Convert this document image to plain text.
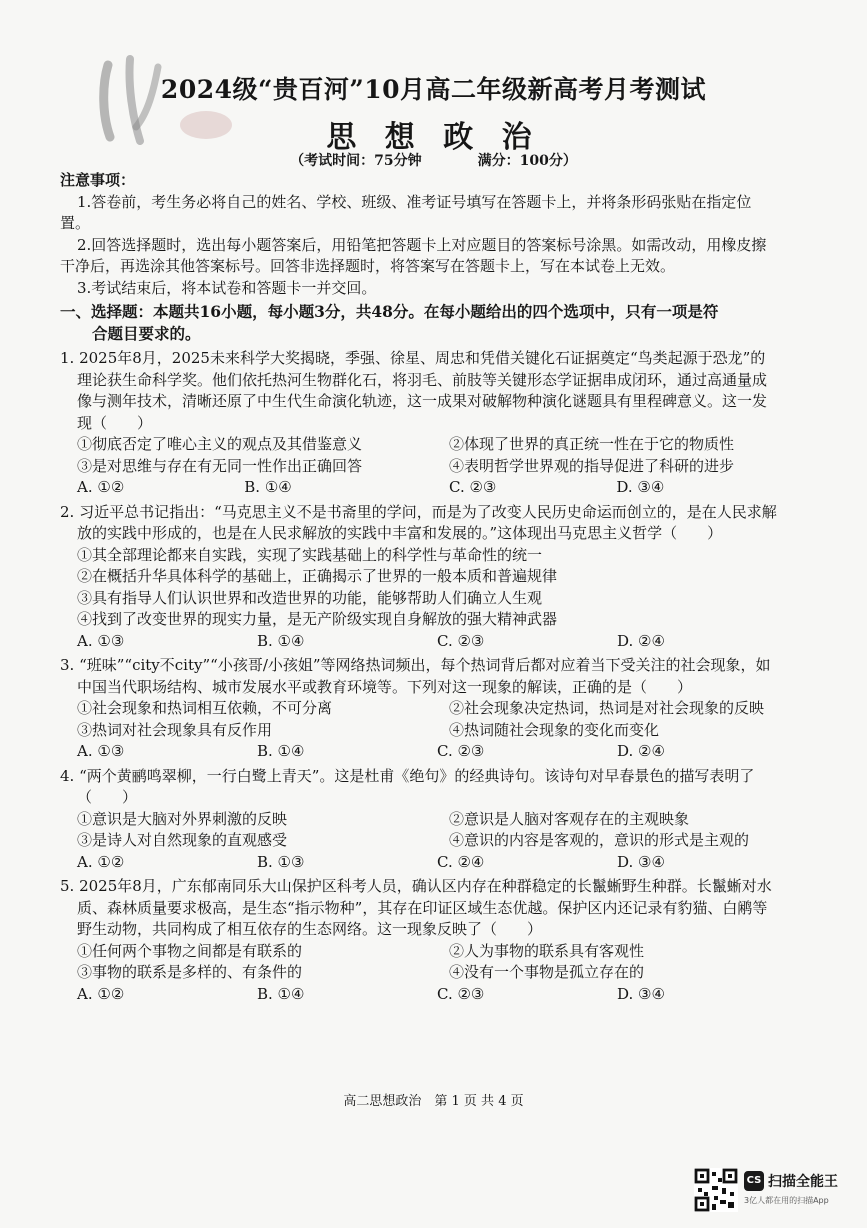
2024级“贵百河”10月高二年级新高考月考测试
思 想 政 治
（考试时间：75分钟	满分：100分）
注意事项：
1.答卷前，考生务必将自己的姓名、学校、班级、准考证号填写在答题卡上，并将条形码张贴在指定位置。
2.回答选择题时，选出每小题答案后，用铅笔把答题卡上对应题目的答案标号涂黑。如需改动，用橡皮擦干净后，再选涂其他答案标号。回答非选择题时，将答案写在答题卡上，写在本试卷上无效。
3.考试结束后，将本试卷和答题卡一并交回。
一、选择题：本题共16小题，每小题3分，共48分。在每小题给出的四个选项中，只有一项是符
合题目要求的。
1. 2025年8月，2025未来科学大奖揭晓，季强、徐星、周忠和凭借关键化石证据奠定“鸟类起源于恐龙”的理论获生命科学奖。他们依托热河生物群化石，将羽毛、前肢等关键形态学证据串成闭环，通过高通量成像与测年技术，清晰还原了中生代生命演化轨迹，这一成果对破解物种演化谜题具有里程碑意义。这一发现（　　）
①彻底否定了唯心主义的观点及其借鉴意义	②体现了世界的真正统一性在于它的物质性
③是对思维与存在有无同一性作出正确回答	④表明哲学世界观的指导促进了科研的进步
A. ①②	B. ①④	C. ②③	D. ③④
2. 习近平总书记指出：“马克思主义不是书斋里的学问，而是为了改变人民历史命运而创立的，是在人民求解放的实践中形成的，也是在人民求解放的实践中丰富和发展的。”这体现出马克思主义哲学（　　）
①其全部理论都来自实践，实现了实践基础上的科学性与革命性的统一
②在概括升华具体科学的基础上，正确揭示了世界的一般本质和普遍规律
③具有指导人们认识世界和改造世界的功能，能够帮助人们确立人生观
④找到了改变世界的现实力量，是无产阶级实现自身解放的强大精神武器
A. ①③	B. ①④	C. ②③	D. ②④
3. “班味”“city不city”“小孩哥/小孩姐”等网络热词频出，每个热词背后都对应着当下受关注的社会现象，如中国当代职场结构、城市发展水平或教育环境等。下列对这一现象的解读，正确的是（　　）
①社会现象和热词相互依赖，不可分离	②社会现象决定热词，热词是对社会现象的反映
③热词对社会现象具有反作用	④热词随社会现象的变化而变化
A. ①③	B. ①④	C. ②③	D. ②④
4. “两个黄鹂鸣翠柳，一行白鹭上青天”。这是杜甫《绝句》的经典诗句。该诗句对早春景色的描写表明了（　　）
①意识是大脑对外界刺激的反映	②意识是人脑对客观存在的主观映象
③是诗人对自然现象的直观感受	④意识的内容是客观的，意识的形式是主观的
A. ①②	B. ①③	C. ②④	D. ③④
5. 2025年8月，广东郁南同乐大山保护区科考人员，确认区内存在种群稳定的长鬣蜥野生种群。长鬣蜥对水质、森林质量要求极高，是生态“指示物种”，其存在印证区域生态优越。保护区内还记录有豹猫、白鹇等野生动物，共同构成了相互依存的生态网络。这一现象反映了（　　）
①任何两个事物之间都是有联系的	②人为事物的联系具有客观性
③事物的联系是多样的、有条件的	④没有一个事物是孤立存在的
A. ①②	B. ①④	C. ②③	D. ③④
高二思想政治　第 1 页 共 4 页
CS 扫描全能王
3亿人都在用的扫描App
